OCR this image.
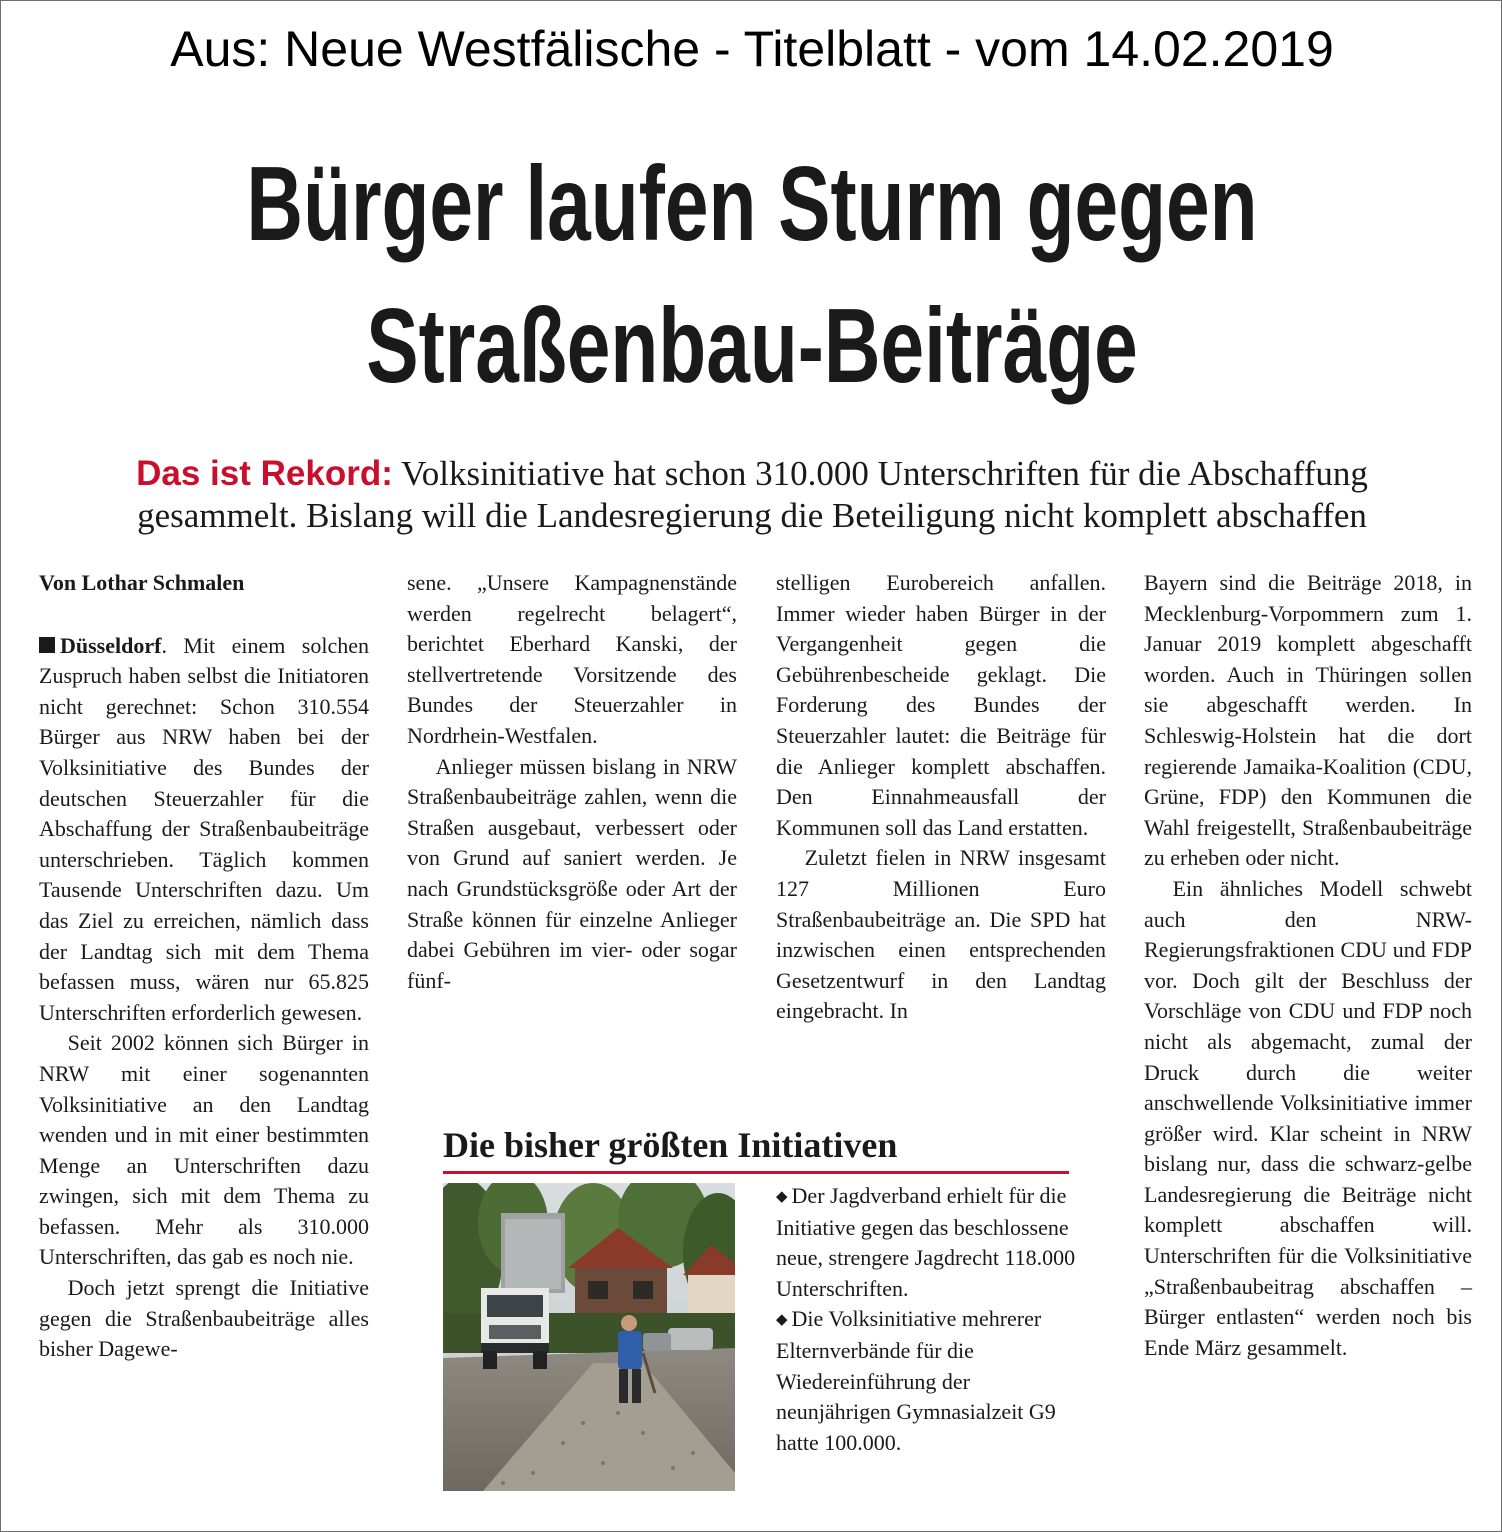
Aus: Neue Westfälische - Titelblatt - vom 14.02.2019
Bürger laufen Sturm gegen
Straßenbau-Beiträge
Das ist Rekord: Volksinitiative hat schon 310.000 Unterschriften für die Abschaffung
gesammelt. Bislang will die Landesregierung die Beteiligung nicht komplett abschaffen
Von Lothar Schmalen

Düsseldorf. Mit einem solchen Zuspruch haben selbst die Initiatoren nicht gerechnet: Schon 310.554 Bürger aus NRW haben bei der Volksinitiative des Bundes der deutschen Steuerzahler für die Abschaffung der Straßenbaubeiträge unterschrieben. Täglich kommen Tausende Unterschriften dazu. Um das Ziel zu erreichen, nämlich dass der Landtag sich mit dem Thema befassen muss, wären nur 65.825 Unterschriften erforderlich gewesen.

Seit 2002 können sich Bürger in NRW mit einer sogenannten Volksinitiative an den Landtag wenden und in mit einer bestimmten Menge an Unterschriften dazu zwingen, sich mit dem Thema zu befassen. Mehr als 310.000 Unterschriften, das gab es noch nie.

Doch jetzt sprengt die Initiative gegen die Straßenbaubeiträge alles bisher Dagewe-

sene. „Unsere Kampagnenstände werden regelrecht belagert“, berichtet Eberhard Kanski, der stellvertretende Vorsitzende des Bundes der Steuerzahler in Nordrhein-Westfalen.

Anlieger müssen bislang in NRW Straßenbaubeiträge zahlen, wenn die Straßen ausgebaut, verbessert oder von Grund auf saniert werden. Je nach Grundstücksgröße oder Art der Straße können für einzelne Anlieger dabei Gebühren im vier- oder sogar fünf-

stelligen Eurobereich anfallen. Immer wieder haben Bürger in der Vergangenheit gegen die Gebührenbescheide geklagt. Die Forderung des Bundes der Steuerzahler lautet: die Beiträge für die Anlieger komplett abschaffen. Den Einnahmeausfall der Kommunen soll das Land erstatten.

Zuletzt fielen in NRW insgesamt 127 Millionen Euro Straßenbaubeiträge an. Die SPD hat inzwischen einen entsprechenden Gesetzentwurf in den Landtag eingebracht. In

Bayern sind die Beiträge 2018, in Mecklenburg-Vorpommern zum 1. Januar 2019 komplett abgeschafft worden. Auch in Thüringen sollen sie abgeschafft werden. In Schleswig-Holstein hat die dort regierende Jamaika-Koalition (CDU, Grüne, FDP) den Kommunen die Wahl freigestellt, Straßenbaubeiträge zu erheben oder nicht.

Ein ähnliches Modell schwebt auch den NRW-Regierungsfraktionen CDU und FDP vor. Doch gilt der Beschluss der Vorschläge von CDU und FDP noch nicht als abgemacht, zumal der Druck durch die weiter anschwellende Volksinitiative immer größer wird. Klar scheint in NRW bislang nur, dass die schwarz-gelbe Landesregierung die Beiträge nicht komplett abschaffen will. Unterschriften für die Volksinitiative „Straßenbaubeitrag abschaffen – Bürger entlasten“ werden noch bis Ende März gesammelt.

Die bisher größten Initiativen

◆ Der Jagdverband erhielt für die Initiative gegen das beschlossene neue, strengere Jagdrecht 118.000 Unterschriften.

◆ Die Volksinitiative mehrerer Elternverbände für die Wiedereinführung der neunjährigen Gymnasialzeit G9 hatte 100.000.
